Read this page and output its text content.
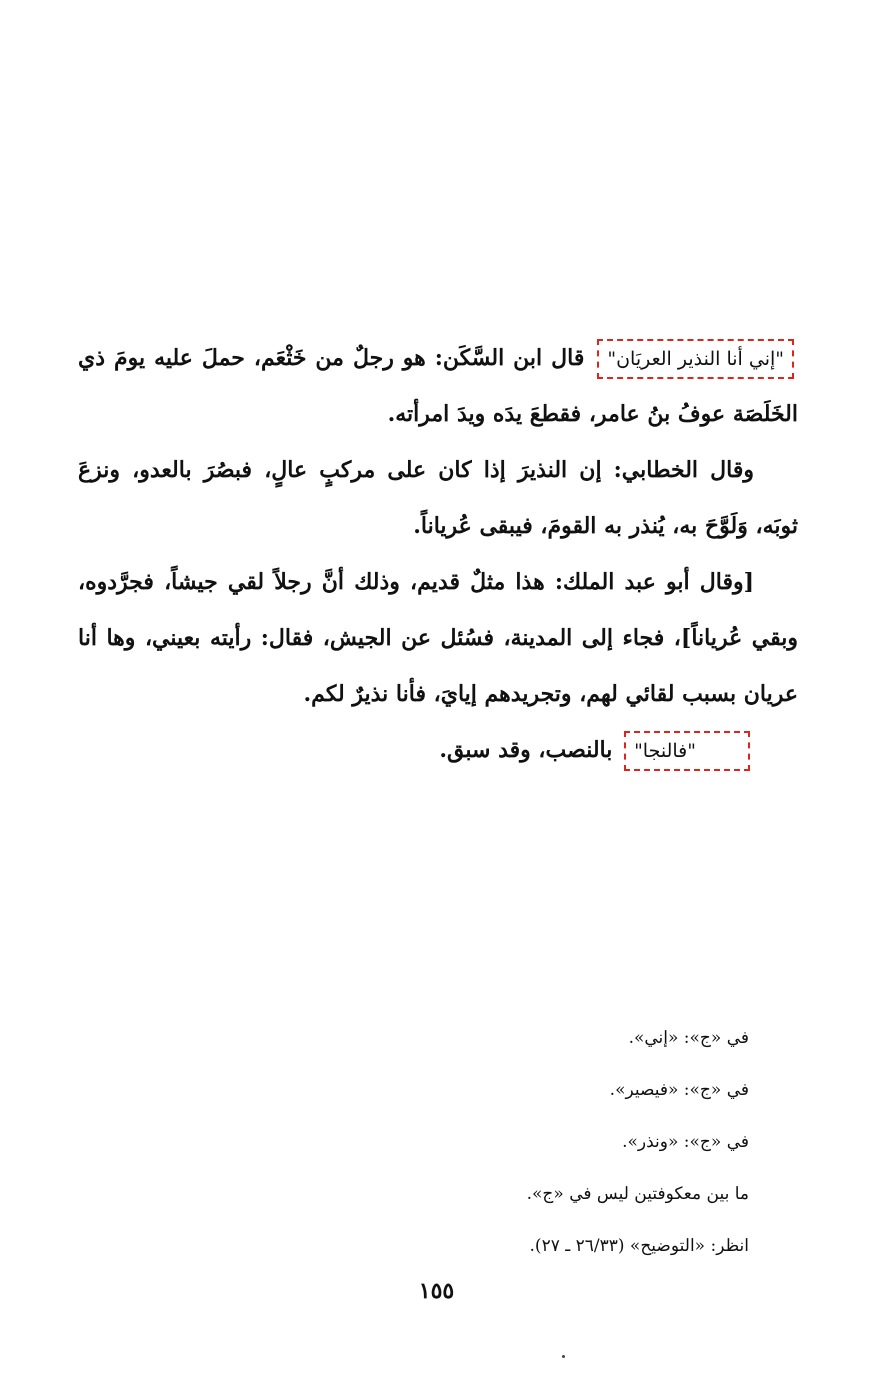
"إني أنا النذير العريَان" قال ابن السَّكَن: هو رجلٌ من خَثْعَم، حملَ عليه يومَ ذي الخَلَصَة عوفُ بنُ عامر، فقطعَ يدَه ويدَ امرأته.

وقال الخطابي: إن النذيرَ إذا كان على مركبٍ عالٍ، فبصُرَ بالعدو، ونزعَ ثوبَه، وَلَوَّحَ به، يُنذر به القومَ، فيبقى عُرياناً.

[وقال أبو عبد الملك: هذا مثلٌ قديم، وذلك أنَّ رجلاً لقي جيشاً، فجرَّدوه، وبقي عُرياناً]، فجاء إلى المدينة، فسُئل عن الجيش، فقال: رأيته بعيني، وها أنا عريان بسبب لقائي لهم، وتجريدهم إيايَ، فأنا نذيرٌ لكم.

"فالنجا" بالنصب، وقد سبق.

في «ج»: «إني».
في «ج»: «فيصير».
في «ج»: «ونذر».
ما بين معكوفتين ليس في «ج».
انظر: «التوضيح» (٢٦/٣٣ ـ ٢٧).
١٥٥
